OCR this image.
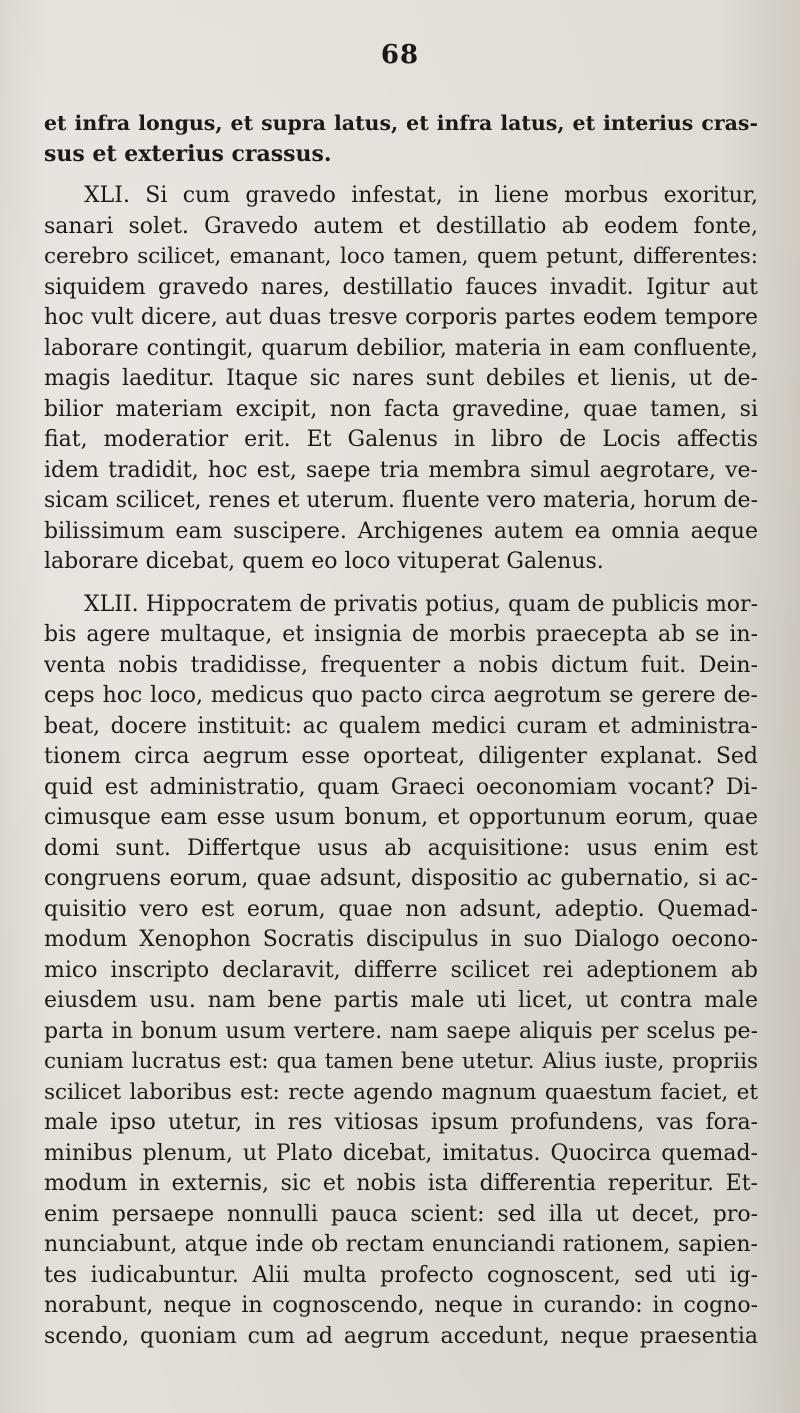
68
et infra longus, et supra latus, et infra latus, et interius cras-
sus et exterius crassus.
XLI. Si cum gravedo infestat, in liene morbus exoritur,
sanari solet. Gravedo autem et destillatio ab eodem fonte,
cerebro scilicet, emanant, loco tamen, quem petunt, differentes:
siquidem gravedo nares, destillatio fauces invadit. Igitur aut
hoc vult dicere, aut duas tresve corporis partes eodem tempore
laborare contingit, quarum debilior, materia in eam confluente,
magis laeditur. Itaque sic nares sunt debiles et lienis, ut de-
bilior materiam excipit, non facta gravedine, quae tamen, si
fiat, moderatior erit. Et Galenus in libro de Locis affectis
idem tradidit, hoc est, saepe tria membra simul aegrotare, ve-
sicam scilicet, renes et uterum. fluente vero materia, horum de-
bilissimum eam suscipere. Archigenes autem ea omnia aeque
laborare dicebat, quem eo loco vituperat Galenus.
XLII. Hippocratem de privatis potius, quam de publicis mor-
bis agere multaque, et insignia de morbis praecepta ab se in-
venta nobis tradidisse, frequenter a nobis dictum fuit. Dein-
ceps hoc loco, medicus quo pacto circa aegrotum se gerere de-
beat, docere instituit: ac qualem medici curam et administra-
tionem circa aegrum esse oporteat, diligenter explanat. Sed
quid est administratio, quam Graeci oeconomiam vocant? Di-
cimusque eam esse usum bonum, et opportunum eorum, quae
domi sunt. Differtque usus ab acquisitione: usus enim est
congruens eorum, quae adsunt, dispositio ac gubernatio, si ac-
quisitio vero est eorum, quae non adsunt, adeptio. Quemad-
modum Xenophon Socratis discipulus in suo Dialogo oecono-
mico inscripto declaravit, differre scilicet rei adeptionem ab
eiusdem usu. nam bene partis male uti licet, ut contra male
parta in bonum usum vertere. nam saepe aliquis per scelus pe-
cuniam lucratus est: qua tamen bene utetur. Alius iuste, propriis
scilicet laboribus est: recte agendo magnum quaestum faciet, et
male ipso utetur, in res vitiosas ipsum profundens, vas fora-
minibus plenum, ut Plato dicebat, imitatus. Quocirca quemad-
modum in externis, sic et nobis ista differentia reperitur. Et-
enim persaepe nonnulli pauca scient: sed illa ut decet, pro-
nunciabunt, atque inde ob rectam enunciandi rationem, sapien-
tes iudicabuntur. Alii multa profecto cognoscent, sed uti ig-
norabunt, neque in cognoscendo, neque in curando: in cogno-
scendo, quoniam cum ad aegrum accedunt, neque praesentia
